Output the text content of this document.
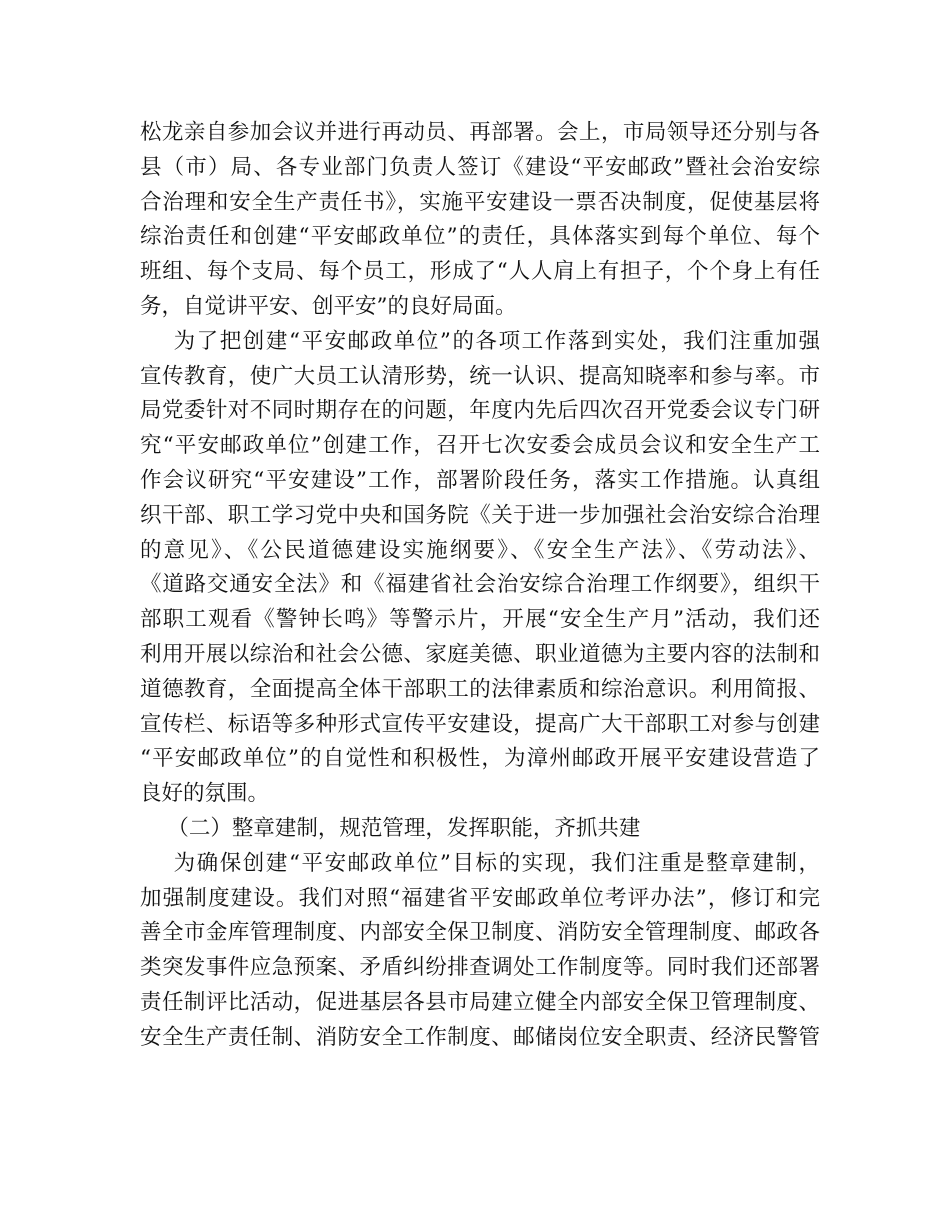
松龙亲自参加会议并进行再动员、再部署。会上，市局领导还分别与各
县（市）局、各专业部门负责人签订《建设“平安邮政”暨社会治安综
合治理和安全生产责任书》，实施平安建设一票否决制度，促使基层将
综治责任和创建“平安邮政单位”的责任，具体落实到每个单位、每个
班组、每个支局、每个员工，形成了“人人肩上有担子，个个身上有任
务，自觉讲平安、创平安”的良好局面。
为了把创建“平安邮政单位”的各项工作落到实处，我们注重加强
宣传教育，使广大员工认清形势，统一认识、提高知晓率和参与率。市
局党委针对不同时期存在的问题，年度内先后四次召开党委会议专门研
究“平安邮政单位”创建工作，召开七次安委会成员会议和安全生产工
作会议研究“平安建设”工作，部署阶段任务，落实工作措施。认真组
织干部、职工学习党中央和国务院《关于进一步加强社会治安综合治理
的意见》、《公民道德建设实施纲要》、《安全生产法》、《劳动法》、
《道路交通安全法》和《福建省社会治安综合治理工作纲要》，组织干
部职工观看《警钟长鸣》等警示片，开展“安全生产月”活动，我们还
利用开展以综治和社会公德、家庭美德、职业道德为主要内容的法制和
道德教育，全面提高全体干部职工的法律素质和综治意识。利用简报、
宣传栏、标语等多种形式宣传平安建设，提高广大干部职工对参与创建
“平安邮政单位”的自觉性和积极性，为漳州邮政开展平安建设营造了
良好的氛围。
（二）整章建制，规范管理，发挥职能，齐抓共建
为确保创建“平安邮政单位”目标的实现，我们注重是整章建制，
加强制度建设。我们对照“福建省平安邮政单位考评办法”，修订和完
善全市金库管理制度、内部安全保卫制度、消防安全管理制度、邮政各
类突发事件应急预案、矛盾纠纷排查调处工作制度等。同时我们还部署
责任制评比活动，促进基层各县市局建立健全内部安全保卫管理制度、
安全生产责任制、消防安全工作制度、邮储岗位安全职责、经济民警管
